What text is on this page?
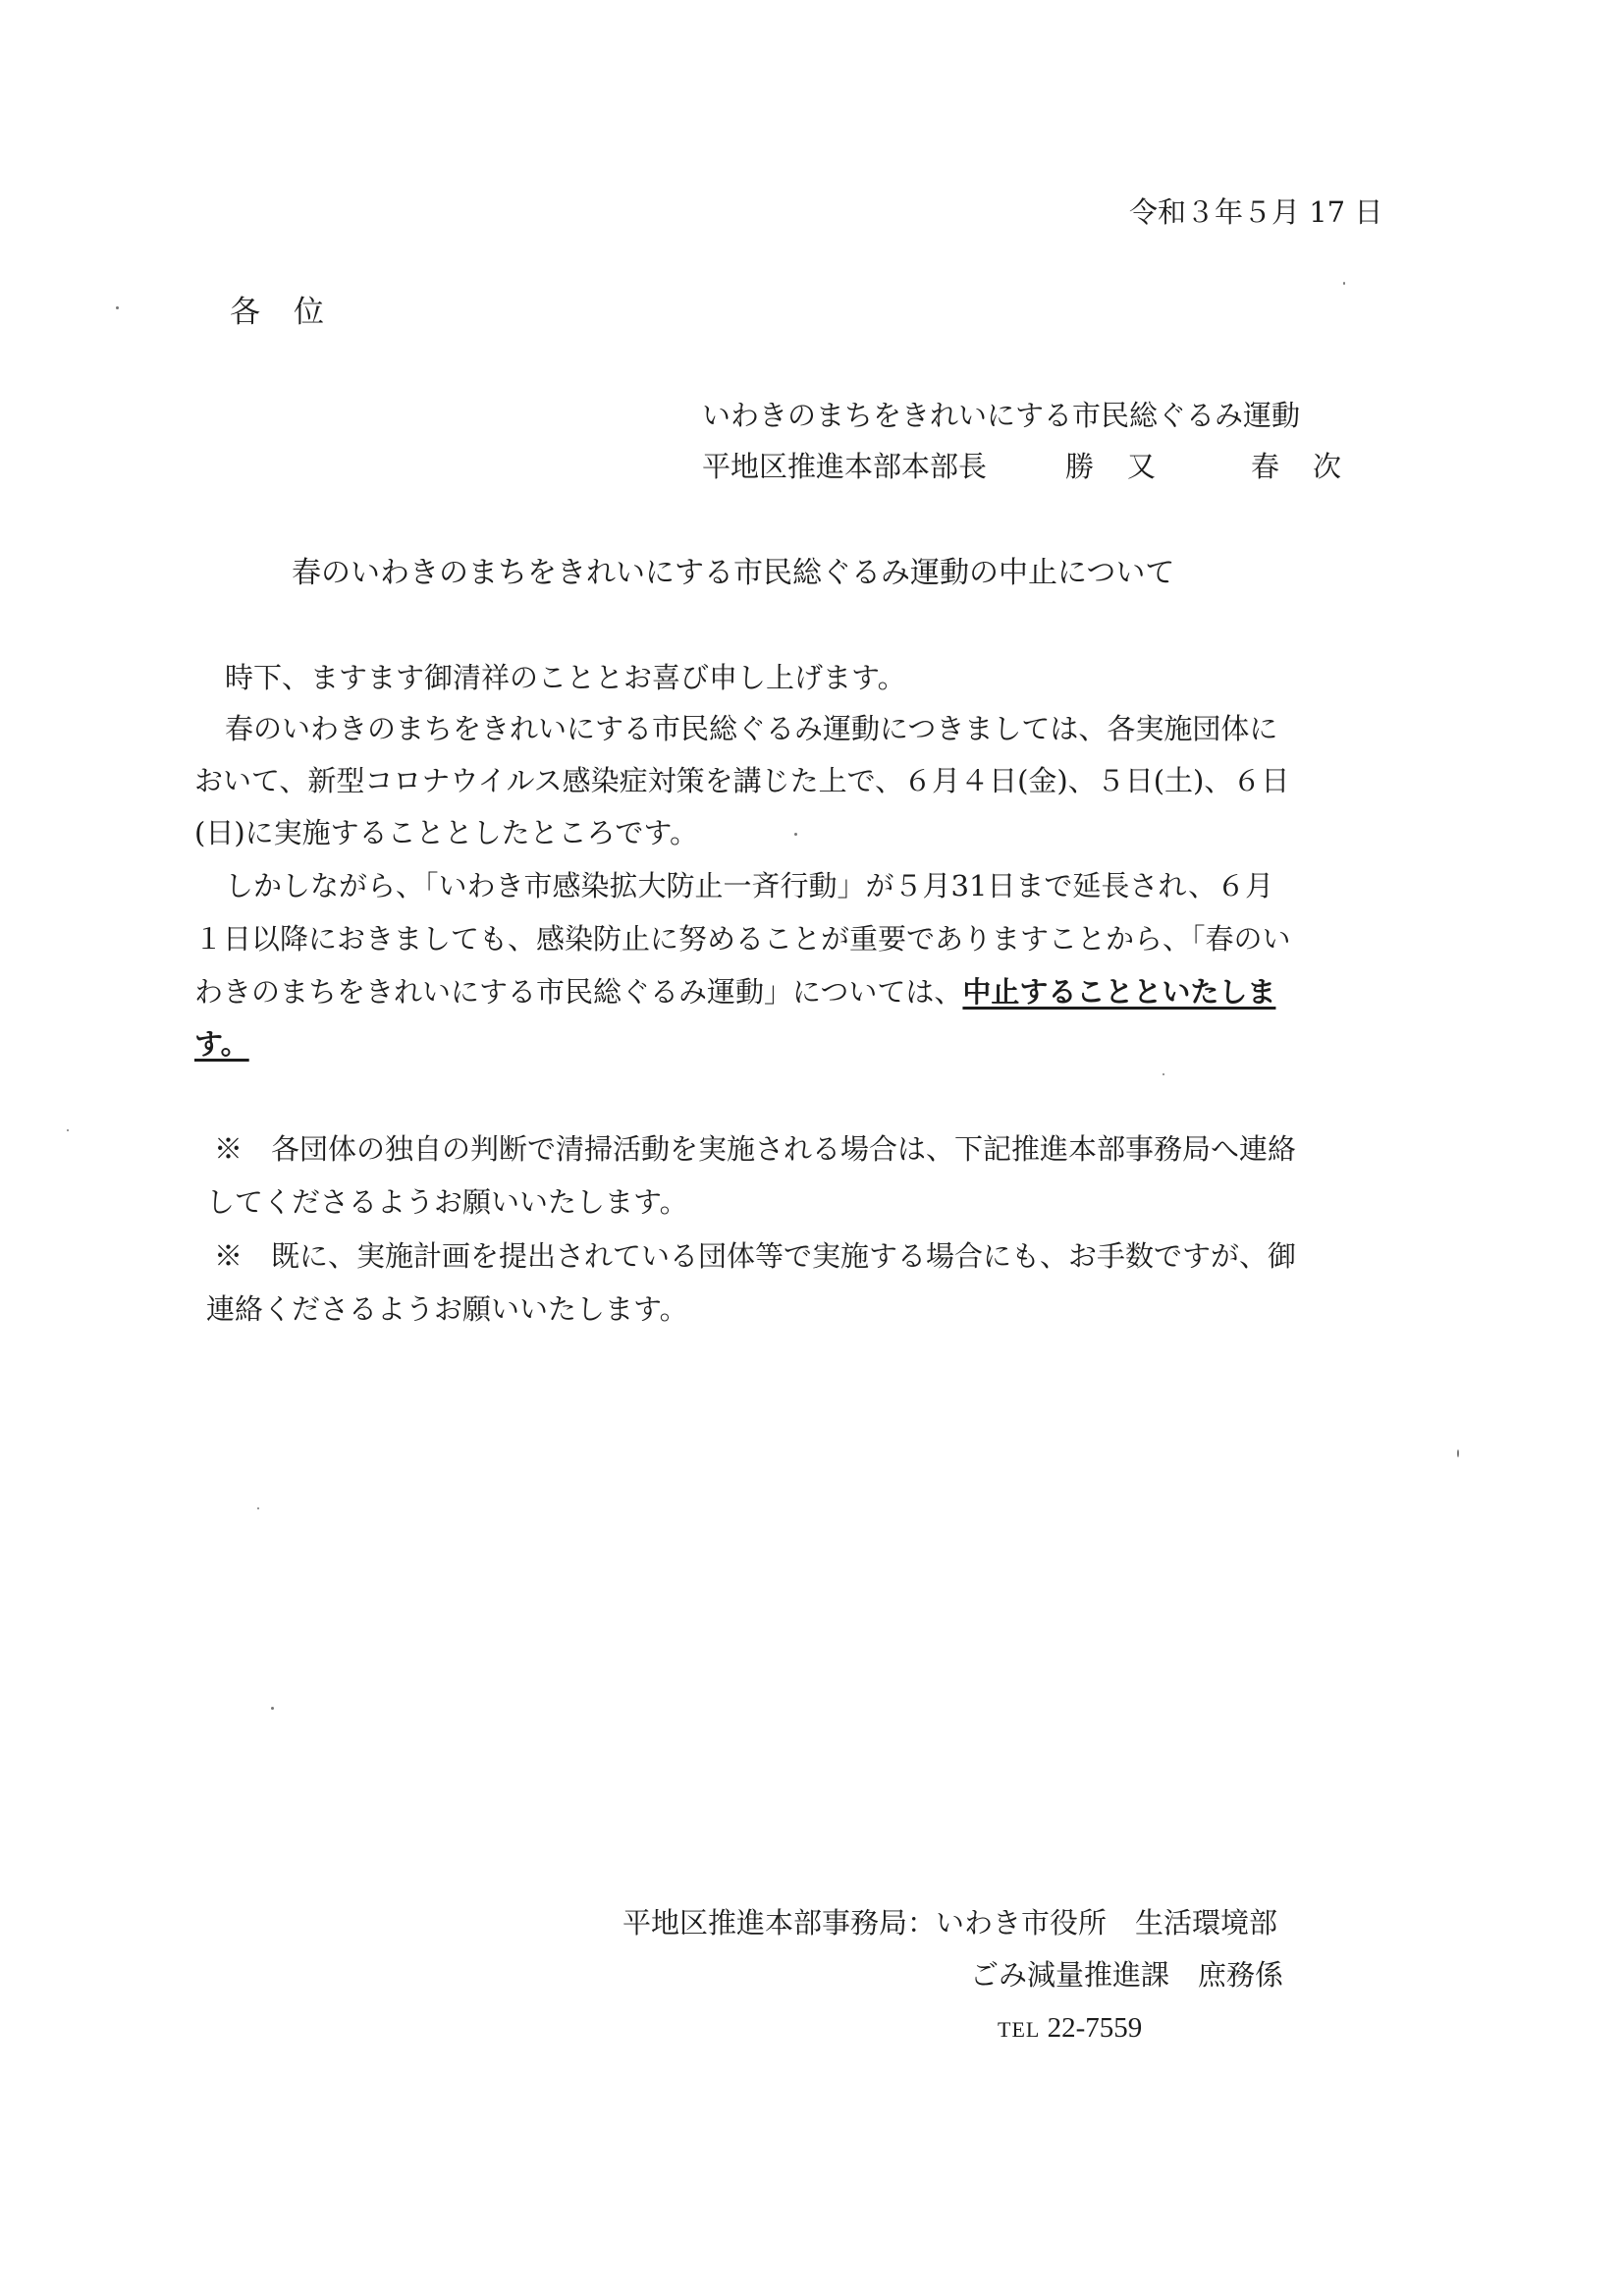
令和３年５月 17 日
各位
いわきのまちをきれいにする市民総ぐるみ運動
平地区推進本部本部長	勝又　春次
春のいわきのまちをきれいにする市民総ぐるみ運動の中止について
時下、ますます御清祥のこととお喜び申し上げます。
春のいわきのまちをきれいにする市民総ぐるみ運動につきましては、各実施団体に
おいて、新型コロナウイルス感染症対策を講じた上で、６月４日(金)、５日(土)、６日
(日)に実施することとしたところです。
しかしながら、「いわき市感染拡大防止一斉行動」が５月31日まで延長され、６月
１日以降におきましても、感染防止に努めることが重要でありますことから、「春のい
わきのまちをきれいにする市民総ぐるみ運動」については、中止することといたしま
す。
※　各団体の独自の判断で清掃活動を実施される場合は、下記推進本部事務局へ連絡
してくださるようお願いいたします。
※　既に、実施計画を提出されている団体等で実施する場合にも、お手数ですが、御
連絡くださるようお願いいたします。
平地区推進本部事務局：いわき市役所　生活環境部
ごみ減量推進課　庶務係
TEL 22-7559
